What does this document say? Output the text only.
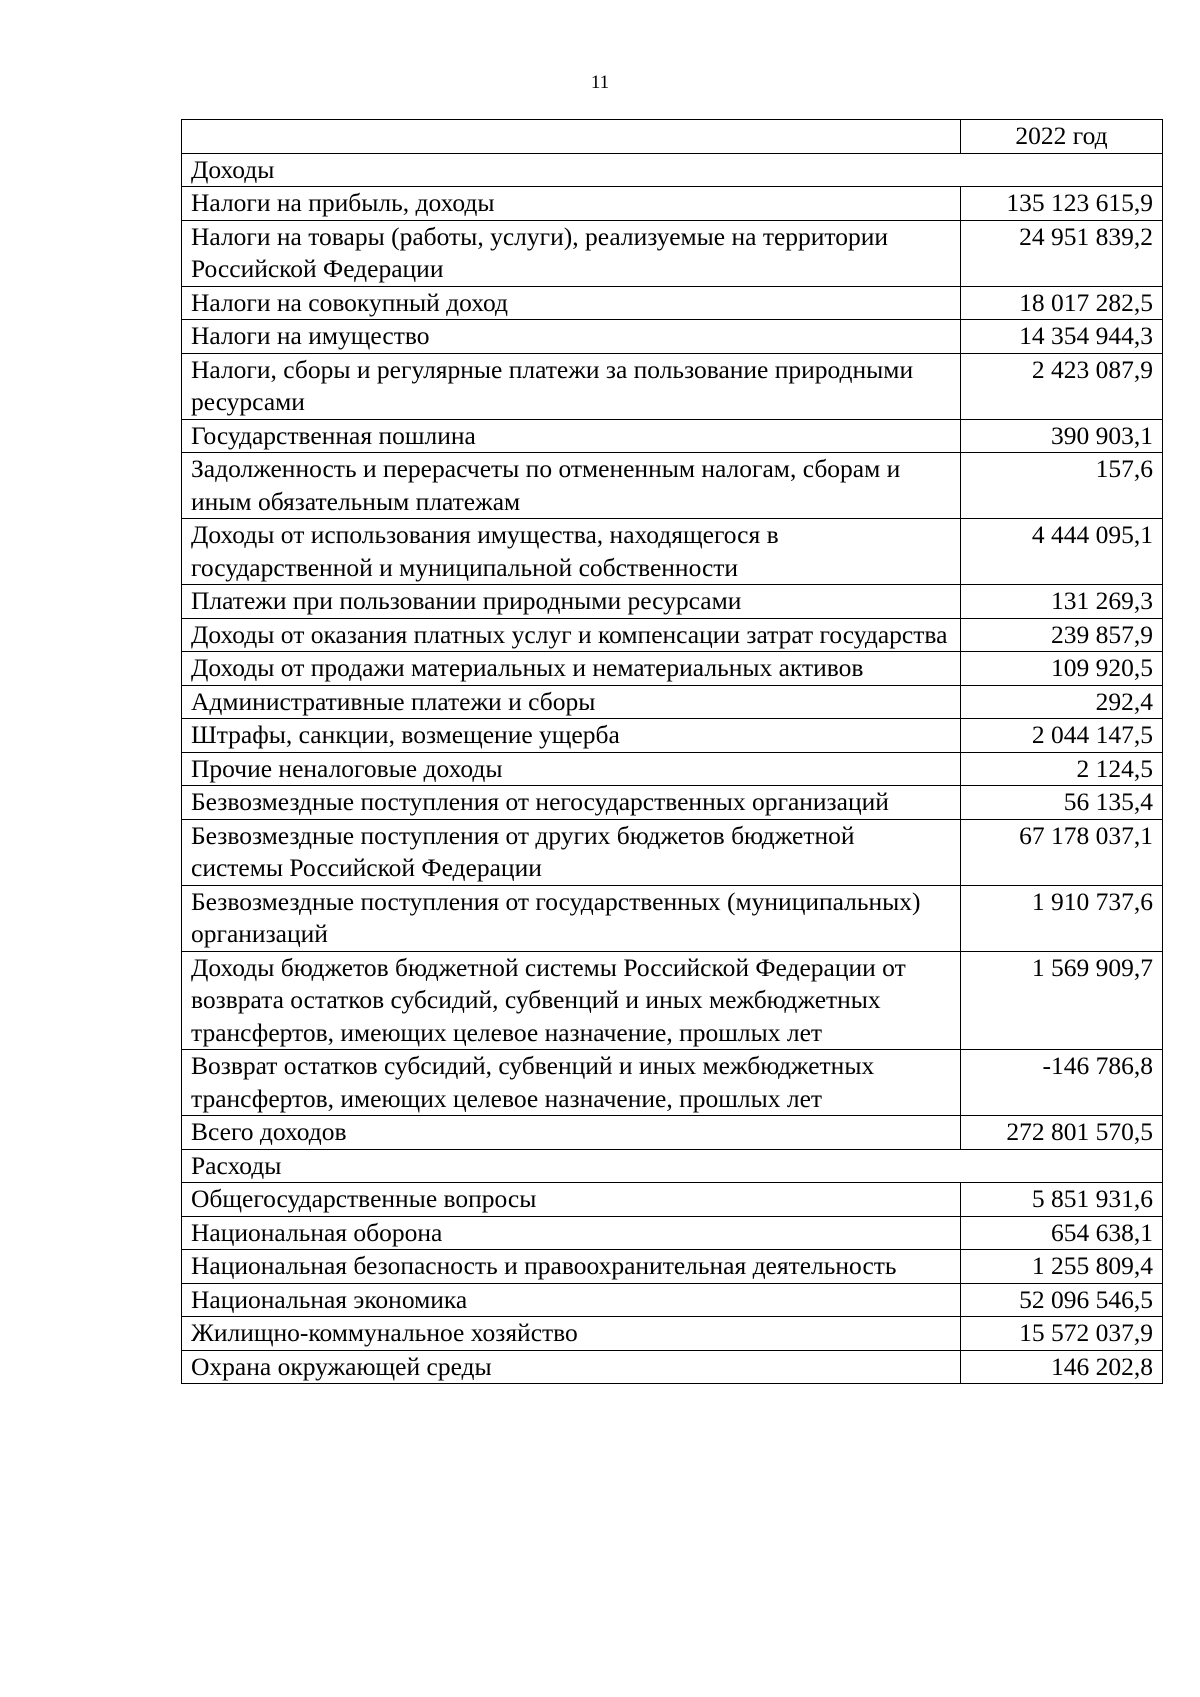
11
	2022 год
Доходы	
Налоги на прибыль, доходы	135 123 615,9
Налоги на товары (работы, услуги), реализуемые на территории Российской Федерации	24 951 839,2
Налоги на совокупный доход	18 017 282,5
Налоги на имущество	14 354 944,3
Налоги, сборы и регулярные платежи за пользование природными ресурсами	2 423 087,9
Государственная пошлина	390 903,1
Задолженность и перерасчеты по отмененным налогам, сборам и иным обязательным платежам	157,6
Доходы от использования имущества, находящегося в государственной и муниципальной собственности	4 444 095,1
Платежи при пользовании природными ресурсами	131 269,3
Доходы от оказания платных услуг и компенсации затрат государства	239 857,9
Доходы от продажи материальных и нематериальных активов	109 920,5
Административные платежи и сборы	292,4
Штрафы, санкции, возмещение ущерба	2 044 147,5
Прочие неналоговые доходы	2 124,5
Безвозмездные поступления от негосударственных организаций	56 135,4
Безвозмездные поступления от других бюджетов бюджетной системы Российской Федерации	67 178 037,1
Безвозмездные поступления от государственных (муниципальных) организаций	1 910 737,6
Доходы бюджетов бюджетной системы Российской Федерации от возврата остатков субсидий, субвенций и иных межбюджетных трансфертов, имеющих целевое назначение, прошлых лет	1 569 909,7
Возврат остатков субсидий, субвенций и иных межбюджетных трансфертов, имеющих целевое назначение, прошлых лет	-146 786,8
Всего доходов	272 801 570,5
Расходы	
Общегосударственные вопросы	5 851 931,6
Национальная оборона	654 638,1
Национальная безопасность и правоохранительная деятельность	1 255 809,4
Национальная экономика	52 096 546,5
Жилищно-коммунальное хозяйство	15 572 037,9
Охрана окружающей среды	146 202,8
